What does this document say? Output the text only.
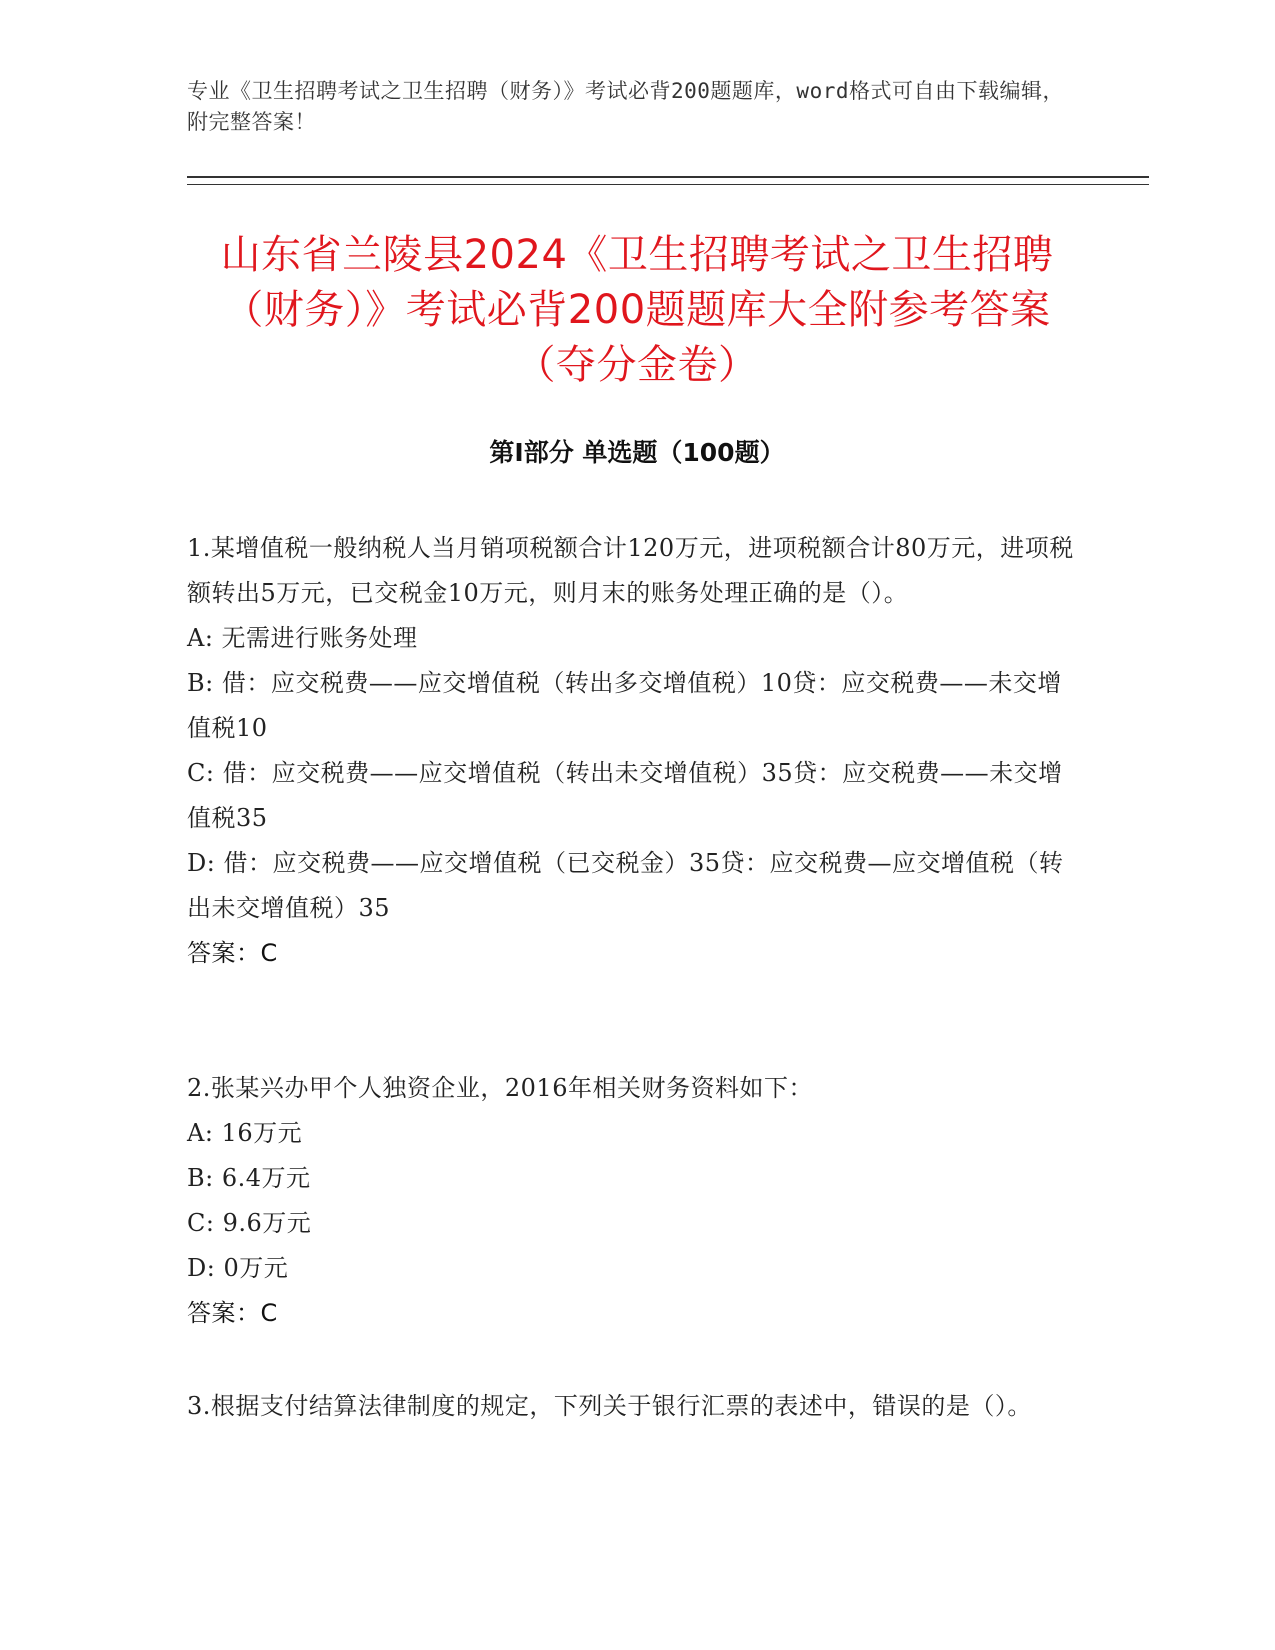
专业《卫生招聘考试之卫生招聘（财务）》考试必背200题题库，word格式可自由下载编辑，附完整答案！
山东省兰陵县2024《卫生招聘考试之卫生招聘（财务）》考试必背200题题库大全附参考答案（夺分金卷）
第Ⅰ部分 单选题（100题）

1.某增值税一般纳税人当月销项税额合计120万元，进项税额合计80万元，进项税额转出5万元，已交税金10万元，则月末的账务处理正确的是（）。

A: 无需进行账务处理

B: 借：应交税费——应交增值税（转出多交增值税）10贷：应交税费——未交增值税10

C: 借：应交税费——应交增值税（转出未交增值税）35贷：应交税费——未交增值税35

D: 借：应交税费——应交增值税（已交税金）35贷：应交税费—应交增值税（转出未交增值税）35

答案：C

2.张某兴办甲个人独资企业，2016年相关财务资料如下：

A: 16万元

B: 6.4万元

C: 9.6万元

D: 0万元

答案：C

3.根据支付结算法律制度的规定，下列关于银行汇票的表述中，错误的是（）。
